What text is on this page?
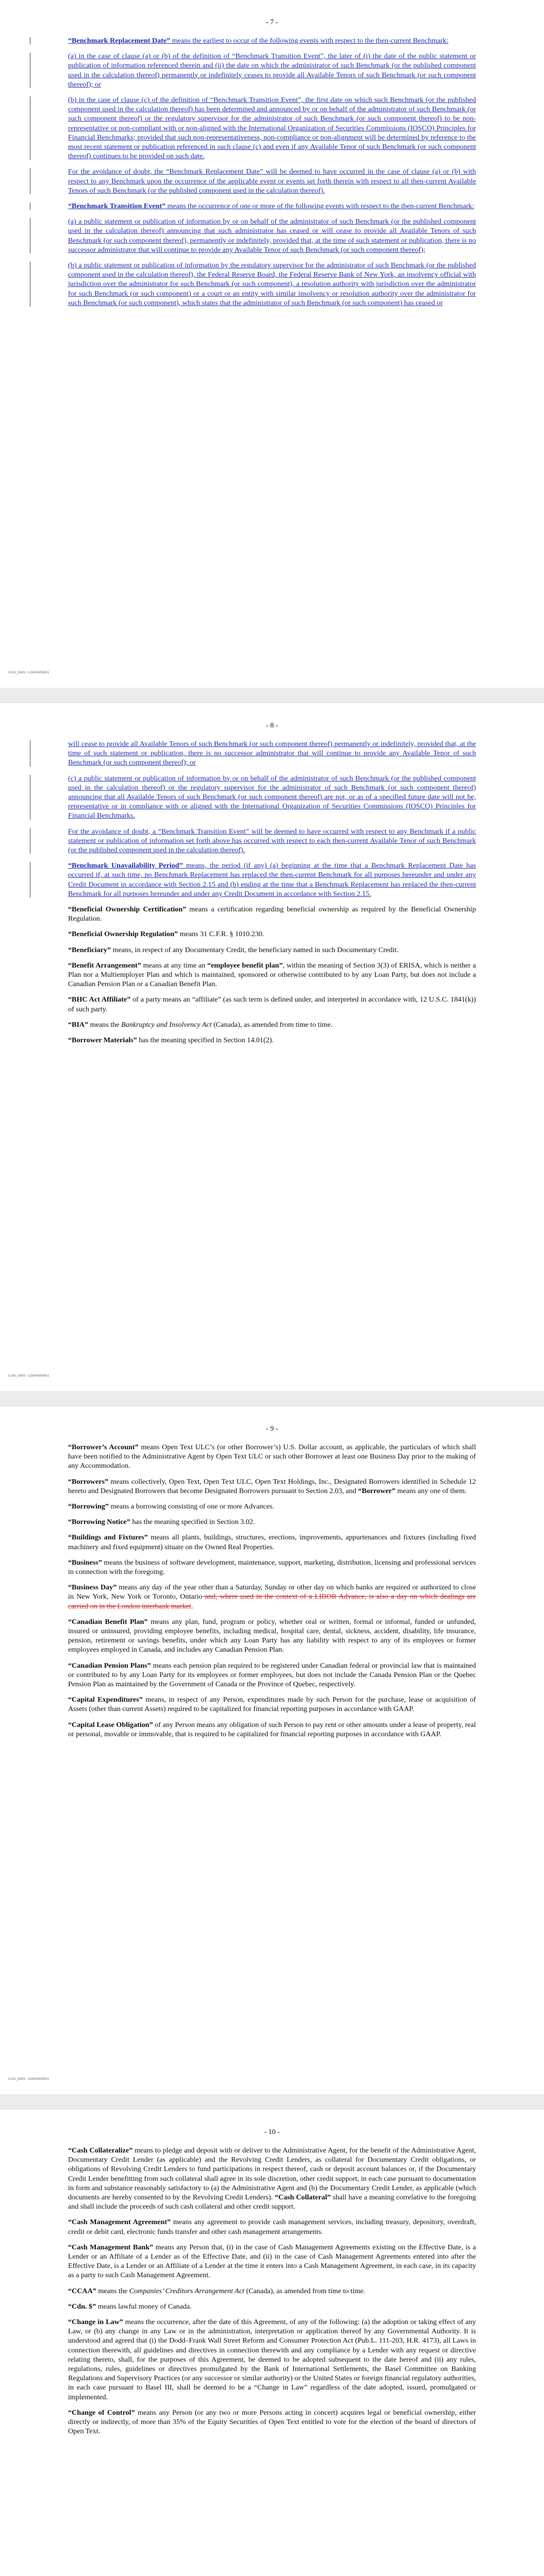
- 7 -
“Benchmark Replacement Date” means the earliest to occur of the following events with respect to the then-current Benchmark:
(a) in the case of clause (a) or (b) of the definition of “Benchmark Transition Event”, the later of (i) the date of the public statement or publication of information referenced therein and (ii) the date on which the administrator of such Benchmark (or the published component used in the calculation thereof) permanently or indefinitely ceases to provide all Available Tenors of such Benchmark (or such component thereof); or
(b) in the case of clause (c) of the definition of “Benchmark Transition Event”, the first date on which such Benchmark (or the published component used in the calculation thereof) has been determined and announced by or on behalf of the administrator of such Benchmark (or such component thereof) or the regulatory supervisor for the administrator of such Benchmark (or such component thereof) to be non-representative or non-compliant with or non-aligned with the International Organization of Securities Commissions (IOSCO) Principles for Financial Benchmarks; provided that such non-representativeness, non-compliance or non-alignment will be determined by reference to the most recent statement or publication referenced in such clause (c) and even if any Available Tenor of such Benchmark (or such component thereof) continues to be provided on such date.
For the avoidance of doubt, the “Benchmark Replacement Date” will be deemed to have occurred in the case of clause (a) or (b) with respect to any Benchmark upon the occurrence of the applicable event or events set forth therein with respect to all then-current Available Tenors of such Benchmark (or the published component used in the calculation thereof).
“Benchmark Transition Event” means the occurrence of one or more of the following events with respect to the then-current Benchmark:
(a) a public statement or publication of information by or on behalf of the administrator of such Benchmark (or the published component used in the calculation thereof) announcing that such administrator has ceased or will cease to provide all Available Tenors of such Benchmark (or such component thereof), permanently or indefinitely, provided that, at the time of such statement or publication, there is no successor administrator that will continue to provide any Available Tenor of such Benchmark (or such component thereof);
(b) a public statement or publication of information by the regulatory supervisor for the administrator of such Benchmark (or the published component used in the calculation thereof), the Federal Reserve Board, the Federal Reserve Bank of New York, an insolvency official with jurisdiction over the administrator for such Benchmark (or such component), a resolution authority with jurisdiction over the administrator for such Benchmark (or such component) or a court or an entity with similar insolvency or resolution authority over the administrator for such Benchmark (or such component), which states that the administrator of such Benchmark (or such component) has ceased or
CAN_DMS: \138049599\1
- 8 -
will cease to provide all Available Tenors of such Benchmark (or such component thereof) permanently or indefinitely, provided that, at the time of such statement or publication, there is no successor administrator that will continue to provide any Available Tenor of such Benchmark (or such component thereof); or
(c) a public statement or publication of information by or on behalf of the administrator of such Benchmark (or the published component used in the calculation thereof) or the regulatory supervisor for the administrator of such Benchmark (or such component thereof) announcing that all Available Tenors of such Benchmark (or such component thereof) are not, or as of a specified future date will not be, representative or in compliance with or aligned with the International Organization of Securities Commissions (IOSCO) Principles for Financial Benchmarks.
For the avoidance of doubt, a “Benchmark Transition Event” will be deemed to have occurred with respect to any Benchmark if a public statement or publication of information set forth above has occurred with respect to each then-current Available Tenor of such Benchmark (or the published component used in the calculation thereof).
“Benchmark Unavailability Period” means, the period (if any) (a) beginning at the time that a Benchmark Replacement Date has occurred if, at such time, no Benchmark Replacement has replaced the then-current Benchmark for all purposes hereunder and under any Credit Document in accordance with Section 2.15 and (b) ending at the time that a Benchmark Replacement has replaced the then-current Benchmark for all purposes hereunder and under any Credit Document in accordance with Section 2.15.
“Beneficial Ownership Certification” means a certification regarding beneficial ownership as required by the Beneficial Ownership Regulation.
“Beneficial Ownership Regulation” means 31 C.F.R. § 1010.230.
“Beneficiary” means, in respect of any Documentary Credit, the beneficiary named in such Documentary Credit.
“Benefit Arrangement” means at any time an “employee benefit plan”, within the meaning of Section 3(3) of ERISA, which is neither a Plan nor a Multiemployer Plan and which is maintained, sponsored or otherwise contributed to by any Loan Party, but does not include a Canadian Pension Plan or a Canadian Benefit Plan.
“BHC Act Affiliate” of a party means an “affiliate” (as such term is defined under, and interpreted in accordance with, 12 U.S.C. 1841(k)) of such party.
“BIA” means the Bankruptcy and Insolvency Act (Canada), as amended from time to time.
“Borrower Materials” has the meaning specified in Section 14.01(2).
CAN_DMS: \138049599\1
- 9 -
“Borrower’s Account” means Open Text ULC’s (or other Borrower’s) U.S. Dollar account, as applicable, the particulars of which shall have been notified to the Administrative Agent by Open Text ULC or such other Borrower at least one Business Day prior to the making of any Accommodation.
“Borrowers” means collectively, Open Text, Open Text ULC, Open Text Holdings, Inc., Designated Borrowers identified in Schedule 12 hereto and Designated Borrowers that become Designated Borrowers pursuant to Section 2.03, and “Borrower” means any one of them.
“Borrowing” means a borrowing consisting of one or more Advances.
“Borrowing Notice” has the meaning specified in Section 3.02.
“Buildings and Fixtures” means all plants, buildings, structures, erections, improvements, appurtenances and fixtures (including fixed machinery and fixed equipment) situate on the Owned Real Properties.
“Business” means the business of software development, maintenance, support, marketing, distribution, licensing and professional services in connection with the foregoing.
“Business Day” means any day of the year other than a Saturday, Sunday or other day on which banks are required or authorized to close in New York, New York or Toronto, Ontario and, where used in the context of a LIBOR Advance, is also a day on which dealings are carried on in the London interbank market.
“Canadian Benefit Plan” means any plan, fund, program or policy, whether oral or written, formal or informal, funded or unfunded, insured or uninsured, providing employee benefits, including medical, hospital care, dental, sickness, accident, disability, life insurance, pension, retirement or savings benefits, under which any Loan Party has any liability with respect to any of its employees or former employees employed in Canada, and includes any Canadian Pension Plan.
“Canadian Pension Plans” means each pension plan required to be registered under Canadian federal or provincial law that is maintained or contributed to by any Loan Party for its employees or former employees, but does not include the Canada Pension Plan or the Quebec Pension Plan as maintained by the Government of Canada or the Province of Quebec, respectively.
“Capital Expenditures” means, in respect of any Person, expenditures made by such Person for the purchase, lease or acquisition of Assets (other than current Assets) required to be capitalized for financial reporting purposes in accordance with GAAP.
“Capital Lease Obligation” of any Person means any obligation of such Person to pay rent or other amounts under a lease of property, real or personal, movable or immovable, that is required to be capitalized for financial reporting purposes in accordance with GAAP.
CAN_DMS: \138049599\1
- 10 -
“Cash Collateralize” means to pledge and deposit with or deliver to the Administrative Agent, for the benefit of the Administrative Agent, Documentary Credit Lender (as applicable) and the Revolving Credit Lenders, as collateral for Documentary Credit obligations, or obligations of Revolving Credit Lenders to fund participations in respect thereof, cash or deposit account balances or, if the Documentary Credit Lender benefitting from such collateral shall agree in its sole discretion, other credit support, in each case pursuant to documentation in form and substance reasonably satisfactory to (a) the Administrative Agent and (b) the Documentary Credit Lender, as applicable (which documents are hereby consented to by the Revolving Credit Lenders). “Cash Collateral” shall have a meaning correlative to the foregoing and shall include the proceeds of such cash collateral and other credit support.
“Cash Management Agreement” means any agreement to provide cash management services, including treasury, depository, overdraft, credit or debit card, electronic funds transfer and other cash management arrangements.
“Cash Management Bank” means any Person that, (i) in the case of Cash Management Agreements existing on the Effective Date, is a Lender or an Affiliate of a Lender as of the Effective Date, and (ii) in the case of Cash Management Agreements entered into after the Effective Date, is a Lender or an Affiliate of a Lender at the time it enters into a Cash Management Agreement, in each case, in its capacity as a party to such Cash Management Agreement.
“CCAA” means the Companies’ Creditors Arrangement Act (Canada), as amended from time to time.
“Cdn. $” means lawful money of Canada.
“Change in Law” means the occurrence, after the date of this Agreement, of any of the following: (a) the adoption or taking effect of any Law, or (b) any change in any Law or in the administration, interpretation or application thereof by any Governmental Authority. It is understood and agreed that (i) the Dodd–Frank Wall Street Reform and Consumer Protection Act (Pub.L. 111-203, H.R. 4173), all Laws in connection therewith, all guidelines and directives in connection therewith and any compliance by a Lender with any request or directive relating thereto, shall, for the purposes of this Agreement, be deemed to be adopted subsequent to the date hereof and (ii) any rules, regulations, rules, guidelines or directives promulgated by the Bank of International Settlements, the Basel Committee on Banking Regulations and Supervisory Practices (or any successor or similar authority) or the United States or foreign financial regulatory authorities, in each case pursuant to Basel III, shall be deemed to be a “Change in Law” regardless of the date adopted, issued, promulgated or implemented.
“Change of Control” means any Person (or any two or more Persons acting in concert) acquires legal or beneficial ownership, either directly or indirectly, of more than 35% of the Equity Securities of Open Text entitled to vote for the election of the board of directors of Open Text.
